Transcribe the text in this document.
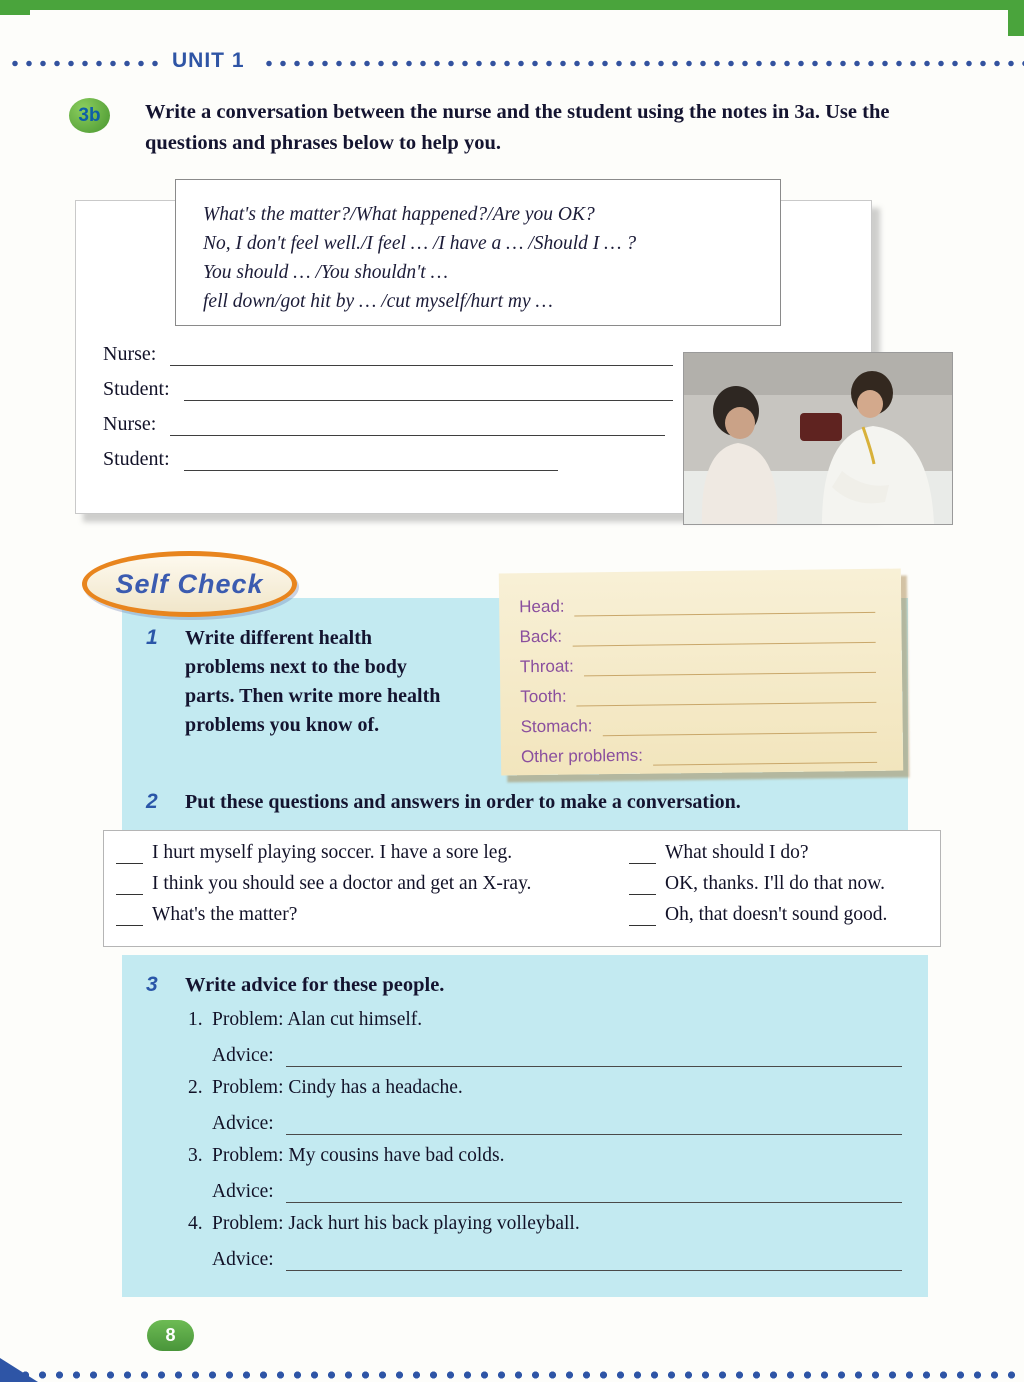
UNIT 1
3b	Write a conversation between the nurse and the student using the notes in 3a. Use the questions and phrases below to help you.
What's the matter?/What happened?/Are you OK?
No, I don't feel well./I feel … /I have a … /Should I … ?
You should … /You shouldn't …
fell down/got hit by … /cut myself/hurt my …
Nurse:
Student:
Nurse:
Student:
1 Write different health problems next to the body parts. Then write more health problems you know of.
Self Check
Head:
Back:
Throat:
Tooth:
Stomach:
Other problems:
2 Put these questions and answers in order to make a conversation.
I hurt myself playing soccer. I have a sore leg.
I think you should see a doctor and get an X-ray.
What's the matter?
What should I do?
OK, thanks. I'll do that now.
Oh, that doesn't sound good.
3 Write advice for these people.
1. Problem: Alan cut himself.
Advice:
2. Problem: Cindy has a headache.
Advice:
3. Problem: My cousins have bad colds.
Advice:
4. Problem: Jack hurt his back playing volleyball.
Advice:
8
